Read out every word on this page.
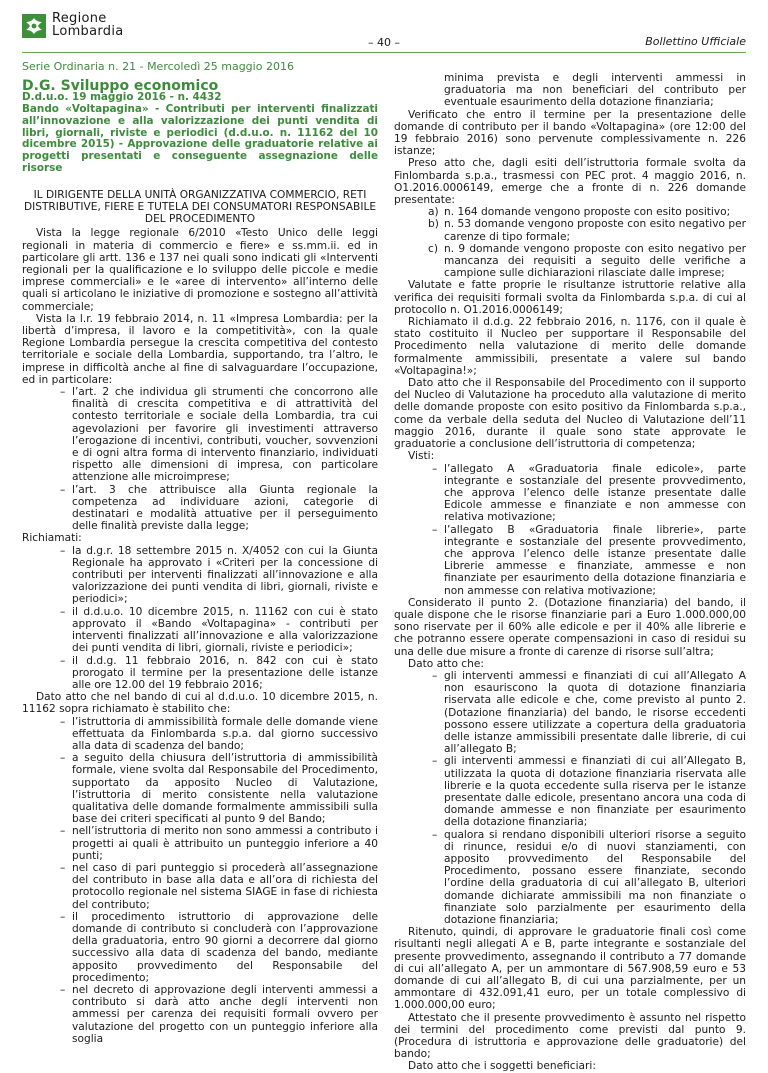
Regione
Lombardia
– 40 –	Bollettino Ufficiale
Serie Ordinaria n. 21 - Mercoledì 25 maggio 2016

D.G. Sviluppo economico

D.d.u.o. 19 maggio 2016 - n. 4432
Bando «Voltapagina» - Contributi per interventi finalizzati all’innovazione e alla valorizzazione dei punti vendita di libri, giornali, riviste e periodici (d.d.u.o. n. 11162 del 10 dicembre 2015) - Approvazione delle graduatorie relative ai progetti presentati e conseguente assegnazione delle risorse

IL DIRIGENTE DELLA UNITÀ ORGANIZZATIVA COMMERCIO, RETI DISTRIBUTIVE, FIERE E TUTELA DEI CONSUMATORI RESPONSABILE DEL PROCEDIMENTO

Vista la legge regionale 6/2010 «Testo Unico delle leggi regionali in materia di commercio e fiere» e ss.mm.ii. ed in particolare gli artt. 136 e 137 nei quali sono indicati gli «Interventi regionali per la qualificazione e lo sviluppo delle piccole e medie imprese commerciali» e le «aree di intervento» all’interno delle quali si articolano le iniziative di promozione e sostegno all’attività commerciale;

Vista la l.r. 19 febbraio 2014, n. 11 «Impresa Lombardia: per la libertà d’impresa, il lavoro e la competitività», con la quale Regione Lombardia persegue la crescita competitiva del contesto territoriale e sociale della Lombardia, supportando, tra l’altro, le imprese in difficoltà anche al fine di salvaguardare l’occupazione, ed in particolare:

– l’art. 2 che individua gli strumenti che concorrono alle finalità di crescita competitiva e di attrattività del contesto territoriale e sociale della Lombardia, tra cui agevolazioni per favorire gli investimenti attraverso l’erogazione di incentivi, contributi, voucher, sovvenzioni e di ogni altra forma di intervento finanziario, individuati rispetto alle dimensioni di impresa, con particolare attenzione alle microimprese;
– l’art. 3 che attribuisce alla Giunta regionale la competenza ad individuare azioni, categorie di destinatari e modalità attuative per il perseguimento delle finalità previste dalla legge;

Richiamati:

– la d.g.r. 18 settembre 2015 n. X/4052 con cui la Giunta Regionale ha approvato i «Criteri per la concessione di contributi per interventi finalizzati all’innovazione e alla valorizzazione dei punti vendita di libri, giornali, riviste e periodici»;
– il d.d.u.o. 10 dicembre 2015, n. 11162 con cui è stato approvato il «Bando «Voltapagina» - contributi per interventi finalizzati all’innovazione e alla valorizzazione dei punti vendita di libri, giornali, riviste e periodici»;
– il d.d.g. 11 febbraio 2016, n. 842 con cui è stato prorogato il termine per la presentazione delle istanze alle ore 12.00 del 19 febbraio 2016;

Dato atto che nel bando di cui al d.d.u.o. 10 dicembre 2015, n. 11162 sopra richiamato è stabilito che:

– l’istruttoria di ammissibilità formale delle domande viene effettuata da Finlombarda s.p.a. dal giorno successivo alla data di scadenza del bando;
– a seguito della chiusura dell’istruttoria di ammissibilità formale, viene svolta dal Responsabile del Procedimento, supportato da apposito Nucleo di Valutazione, l’istruttoria di merito consistente nella valutazione qualitativa delle domande formalmente ammissibili sulla base dei criteri specificati al punto 9 del Bando;
– nell’istruttoria di merito non sono ammessi a contributo i progetti ai quali è attribuito un punteggio inferiore a 40 punti;
– nel caso di pari punteggio si procederà all’assegnazione del contributo in base alla data e all’ora di richiesta del protocollo regionale nel sistema SIAGE in fase di richiesta del contributo;
– il procedimento istruttorio di approvazione delle domande di contributo si concluderà con l’approvazione della graduatoria, entro 90 giorni a decorrere dal giorno successivo alla data di scadenza del bando, mediante apposito provvedimento del Responsabile del procedimento;
– nel decreto di approvazione degli interventi ammessi a contributo si darà atto anche degli interventi non ammessi per carenza dei requisiti formali ovvero per valutazione del progetto con un punteggio inferiore alla soglia

minima prevista e degli interventi ammessi in graduatoria ma non beneficiari del contributo per eventuale esaurimento della dotazione finanziaria;

Verificato che entro il termine per la presentazione delle domande di contributo per il bando «Voltapagina» (ore 12:00 del 19 febbraio 2016) sono pervenute complessivamente n. 226 istanze;

Preso atto che, dagli esiti dell’istruttoria formale svolta da Finlombarda s.p.a., trasmessi con PEC prot. 4 maggio 2016, n. O1.2016.0006149, emerge che a fronte di n. 226 domande presentate:

a) n. 164 domande vengono proposte con esito positivo;
b) n. 53 domande vengono proposte con esito negativo per carenze di tipo formale;
c) n. 9 domande vengono proposte con esito negativo per mancanza dei requisiti a seguito delle verifiche a campione sulle dichiarazioni rilasciate dalle imprese;

Valutate e fatte proprie le risultanze istruttorie relative alla verifica dei requisiti formali svolta da Finlombarda s.p.a. di cui al protocollo n. O1.2016.0006149;

Richiamato il d.d.g. 22 febbraio 2016, n. 1176, con il quale è stato costituito il Nucleo per supportare il Responsabile del Procedimento nella valutazione di merito delle domande formalmente ammissibili, presentate a valere sul bando «Voltapagina!»;

Dato atto che il Responsabile del Procedimento con il supporto del Nucleo di Valutazione ha proceduto alla valutazione di merito delle domande proposte con esito positivo da Finlombarda s.p.a., come da verbale della seduta del Nucleo di Valutazione dell’11 maggio 2016, durante il quale sono state approvate le graduatorie a conclusione dell’istruttoria di competenza;

Visti:

– l’allegato A «Graduatoria finale edicole», parte integrante e sostanziale del presente provvedimento, che approva l’elenco delle istanze presentate dalle Edicole ammesse e finanziate e non ammesse con relativa motivazione;
– l’allegato B «Graduatoria finale librerie», parte integrante e sostanziale del presente provvedimento, che approva l’elenco delle istanze presentate dalle Librerie ammesse e finanziate, ammesse e non finanziate per esaurimento della dotazione finanziaria e non ammesse con relativa motivazione;

Considerato il punto 2. (Dotazione finanziaria) del bando, il quale dispone che le risorse finanziarie pari a Euro 1.000.000,00 sono riservate per il 60% alle edicole e per il 40% alle librerie e che potranno essere operate compensazioni in caso di residui su una delle due misure a fronte di carenze di risorse sull’altra;

Dato atto che:

– gli interventi ammessi e finanziati di cui all’Allegato A non esauriscono la quota di dotazione finanziaria riservata alle edicole e che, come previsto al punto 2. (Dotazione finanziaria) del bando, le risorse eccedenti possono essere utilizzate a copertura della graduatoria delle istanze ammissibili presentate dalle librerie, di cui all’allegato B;
– gli interventi ammessi e finanziati di cui all’Allegato B, utilizzata la quota di dotazione finanziaria riservata alle librerie e la quota eccedente sulla riserva per le istanze presentate dalle edicole, presentano ancora una coda di domande ammesse e non finanziate per esaurimento della dotazione finanziaria;
– qualora si rendano disponibili ulteriori risorse a seguito di rinunce, residui e/o di nuovi stanziamenti, con apposito provvedimento del Responsabile del Procedimento, possano essere finanziate, secondo l’ordine della graduatoria di cui all’allegato B, ulteriori domande dichiarate ammissibili ma non finanziate o finanziate solo parzialmente per esaurimento della dotazione finanziaria;

Ritenuto, quindi, di approvare le graduatorie finali così come risultanti negli allegati A e B, parte integrante e sostanziale del presente provvedimento, assegnando il contributo a 77 domande di cui all’allegato A, per un ammontare di 567.908,59 euro e 53 domande di cui all’allegato B, di cui una parzialmente, per un ammontare di 432.091,41 euro, per un totale complessivo di 1.000.000,00 euro;

Attestato che il presente provvedimento è assunto nel rispetto dei termini del procedimento come previsti dal punto 9. (Procedura di istruttoria e approvazione delle graduatorie) del bando;

Dato atto che i soggetti beneficiari:
